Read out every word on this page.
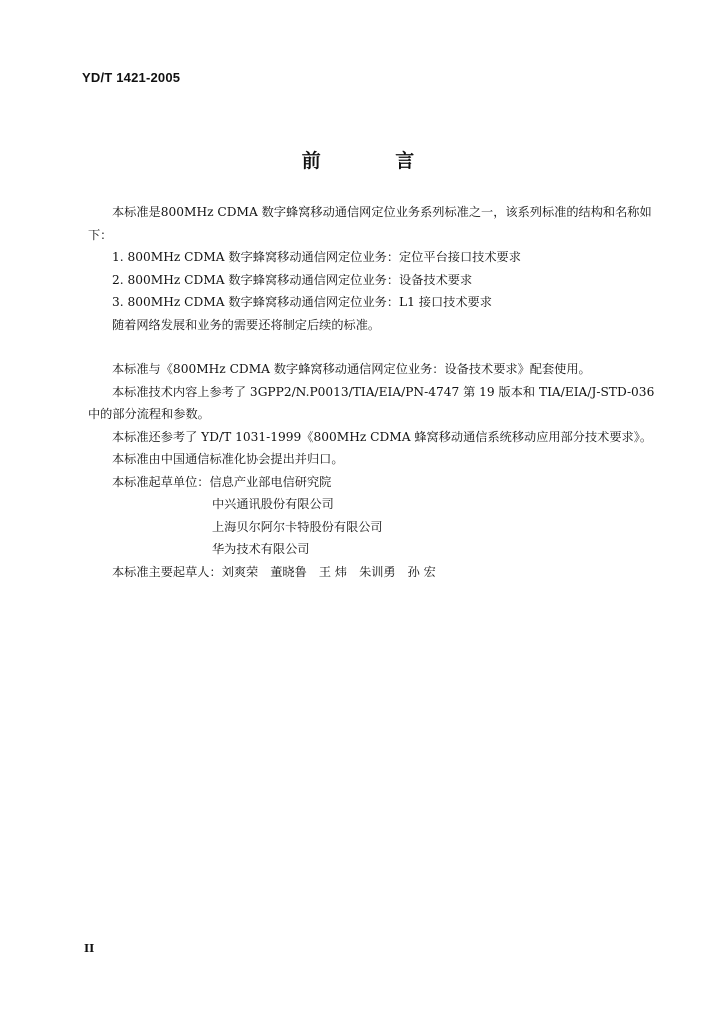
YD/T 1421-2005
前 言

本标准是800MHz CDMA 数字蜂窝移动通信网定位业务系列标准之一，该系列标准的结构和名称如下：

1. 800MHz CDMA 数字蜂窝移动通信网定位业务：定位平台接口技术要求
2. 800MHz CDMA 数字蜂窝移动通信网定位业务：设备技术要求
3. 800MHz CDMA 数字蜂窝移动通信网定位业务：L1 接口技术要求
随着网络发展和业务的需要还将制定后续的标准。

本标准与《800MHz CDMA 数字蜂窝移动通信网定位业务：设备技术要求》配套使用。

本标准技术内容上参考了 3GPP2/N.P0013/TIA/EIA/PN-4747 第 19 版本和 TIA/EIA/J-STD-036 中的部分流程和参数。

本标准还参考了 YD/T 1031-1999《800MHz CDMA 蜂窝移动通信系统移动应用部分技术要求》。

本标准由中国通信标准化协会提出并归口。

本标准起草单位：信息产业部电信研究院
中兴通讯股份有限公司
上海贝尔阿尔卡特股份有限公司
华为技术有限公司
本标准主要起草人：刘爽荣 董晓鲁 王 炜 朱训勇 孙 宏
II
